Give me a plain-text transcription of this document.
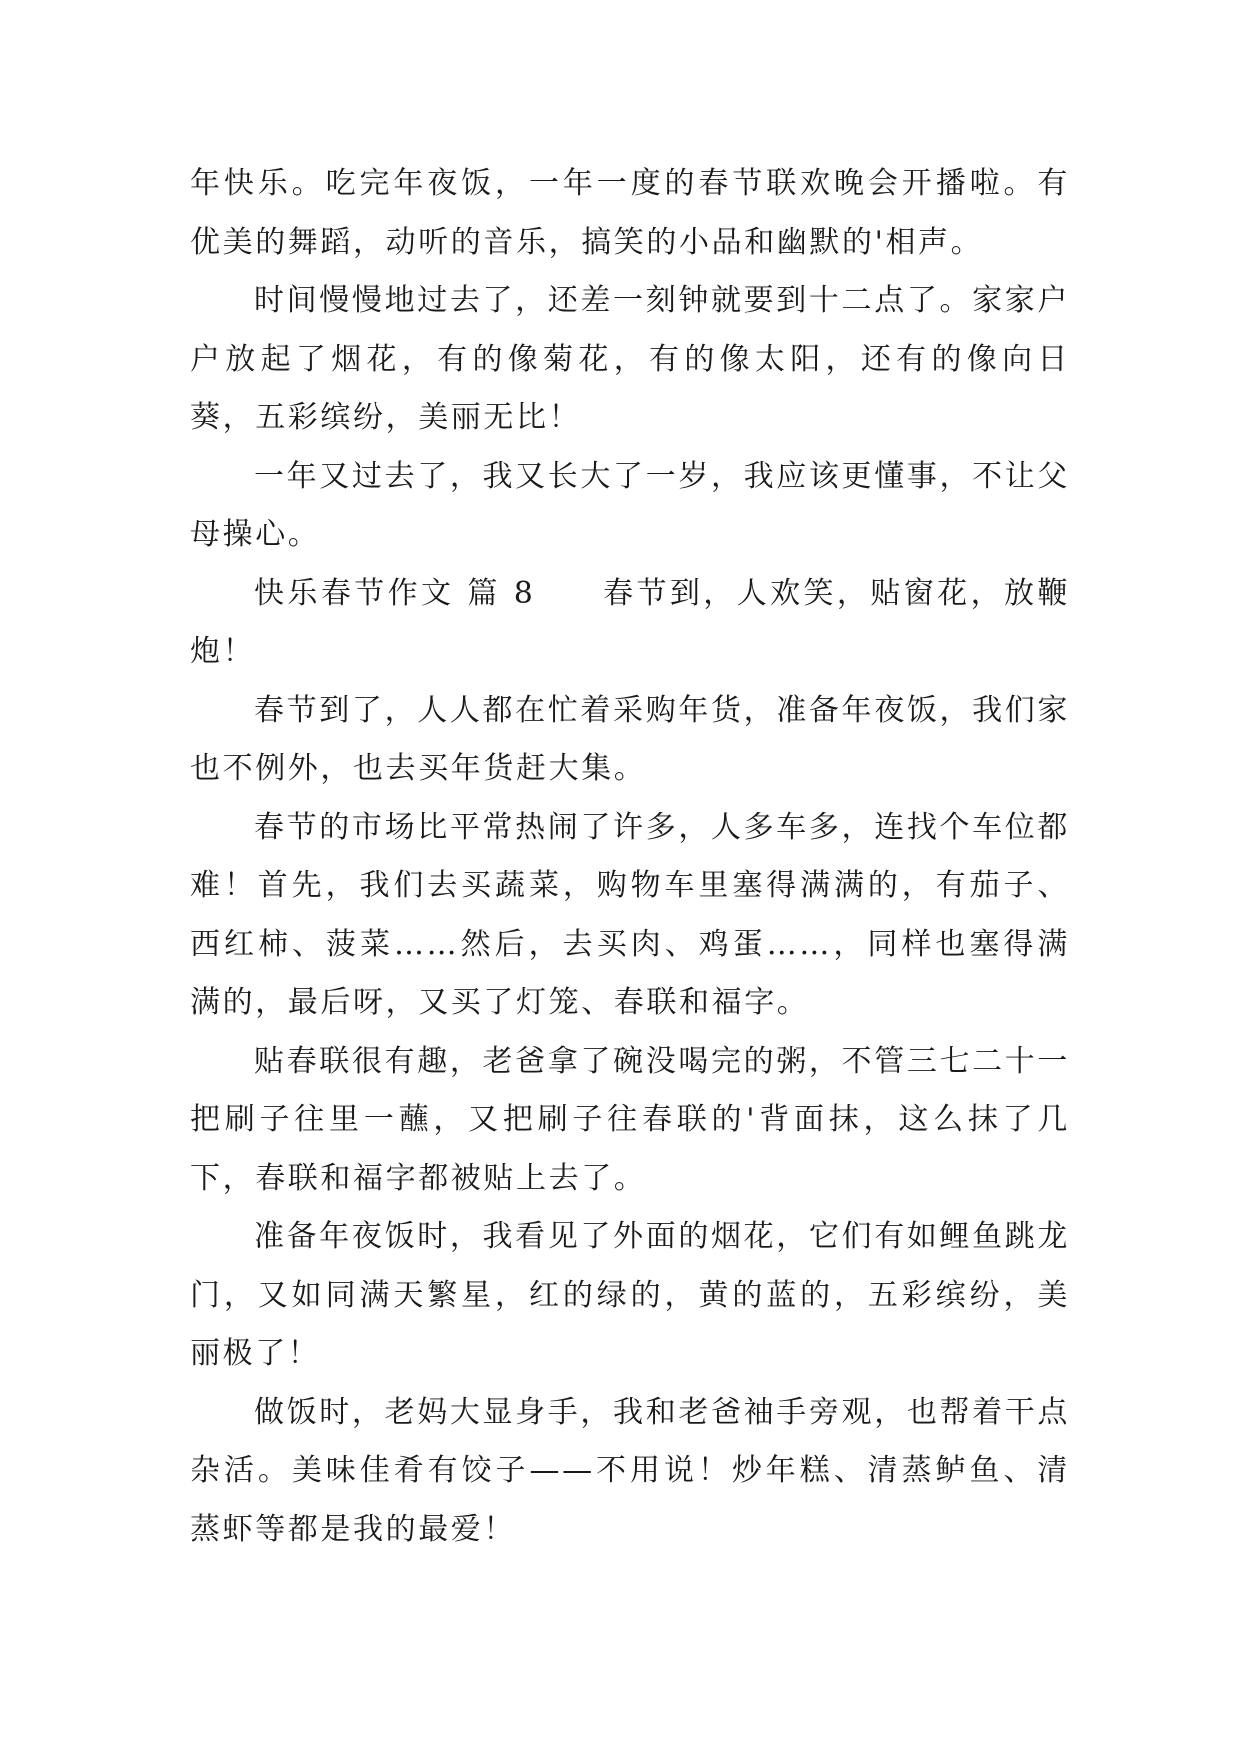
年快乐。吃完年夜饭，一年一度的春节联欢晚会开播啦。有优美的舞蹈，动听的音乐，搞笑的小品和幽默的'相声。

时间慢慢地过去了，还差一刻钟就要到十二点了。家家户户放起了烟花，有的像菊花，有的像太阳，还有的像向日葵，五彩缤纷，美丽无比！

一年又过去了，我又长大了一岁，我应该更懂事，不让父母操心。

快乐春节作文 篇 8　　春节到，人欢笑，贴窗花，放鞭炮！

春节到了，人人都在忙着采购年货，准备年夜饭，我们家也不例外，也去买年货赶大集。

春节的市场比平常热闹了许多，人多车多，连找个车位都难！首先，我们去买蔬菜，购物车里塞得满满的，有茄子、西红柿、菠菜……然后，去买肉、鸡蛋……，同样也塞得满满的，最后呀，又买了灯笼、春联和福字。

贴春联很有趣，老爸拿了碗没喝完的粥，不管三七二十一把刷子往里一蘸，又把刷子往春联的'背面抹，这么抹了几下，春联和福字都被贴上去了。

准备年夜饭时，我看见了外面的烟花，它们有如鲤鱼跳龙门，又如同满天繁星，红的绿的，黄的蓝的，五彩缤纷，美丽极了！

做饭时，老妈大显身手，我和老爸袖手旁观，也帮着干点杂活。美味佳肴有饺子——不用说！炒年糕、清蒸鲈鱼、清蒸虾等都是我的最爱！
